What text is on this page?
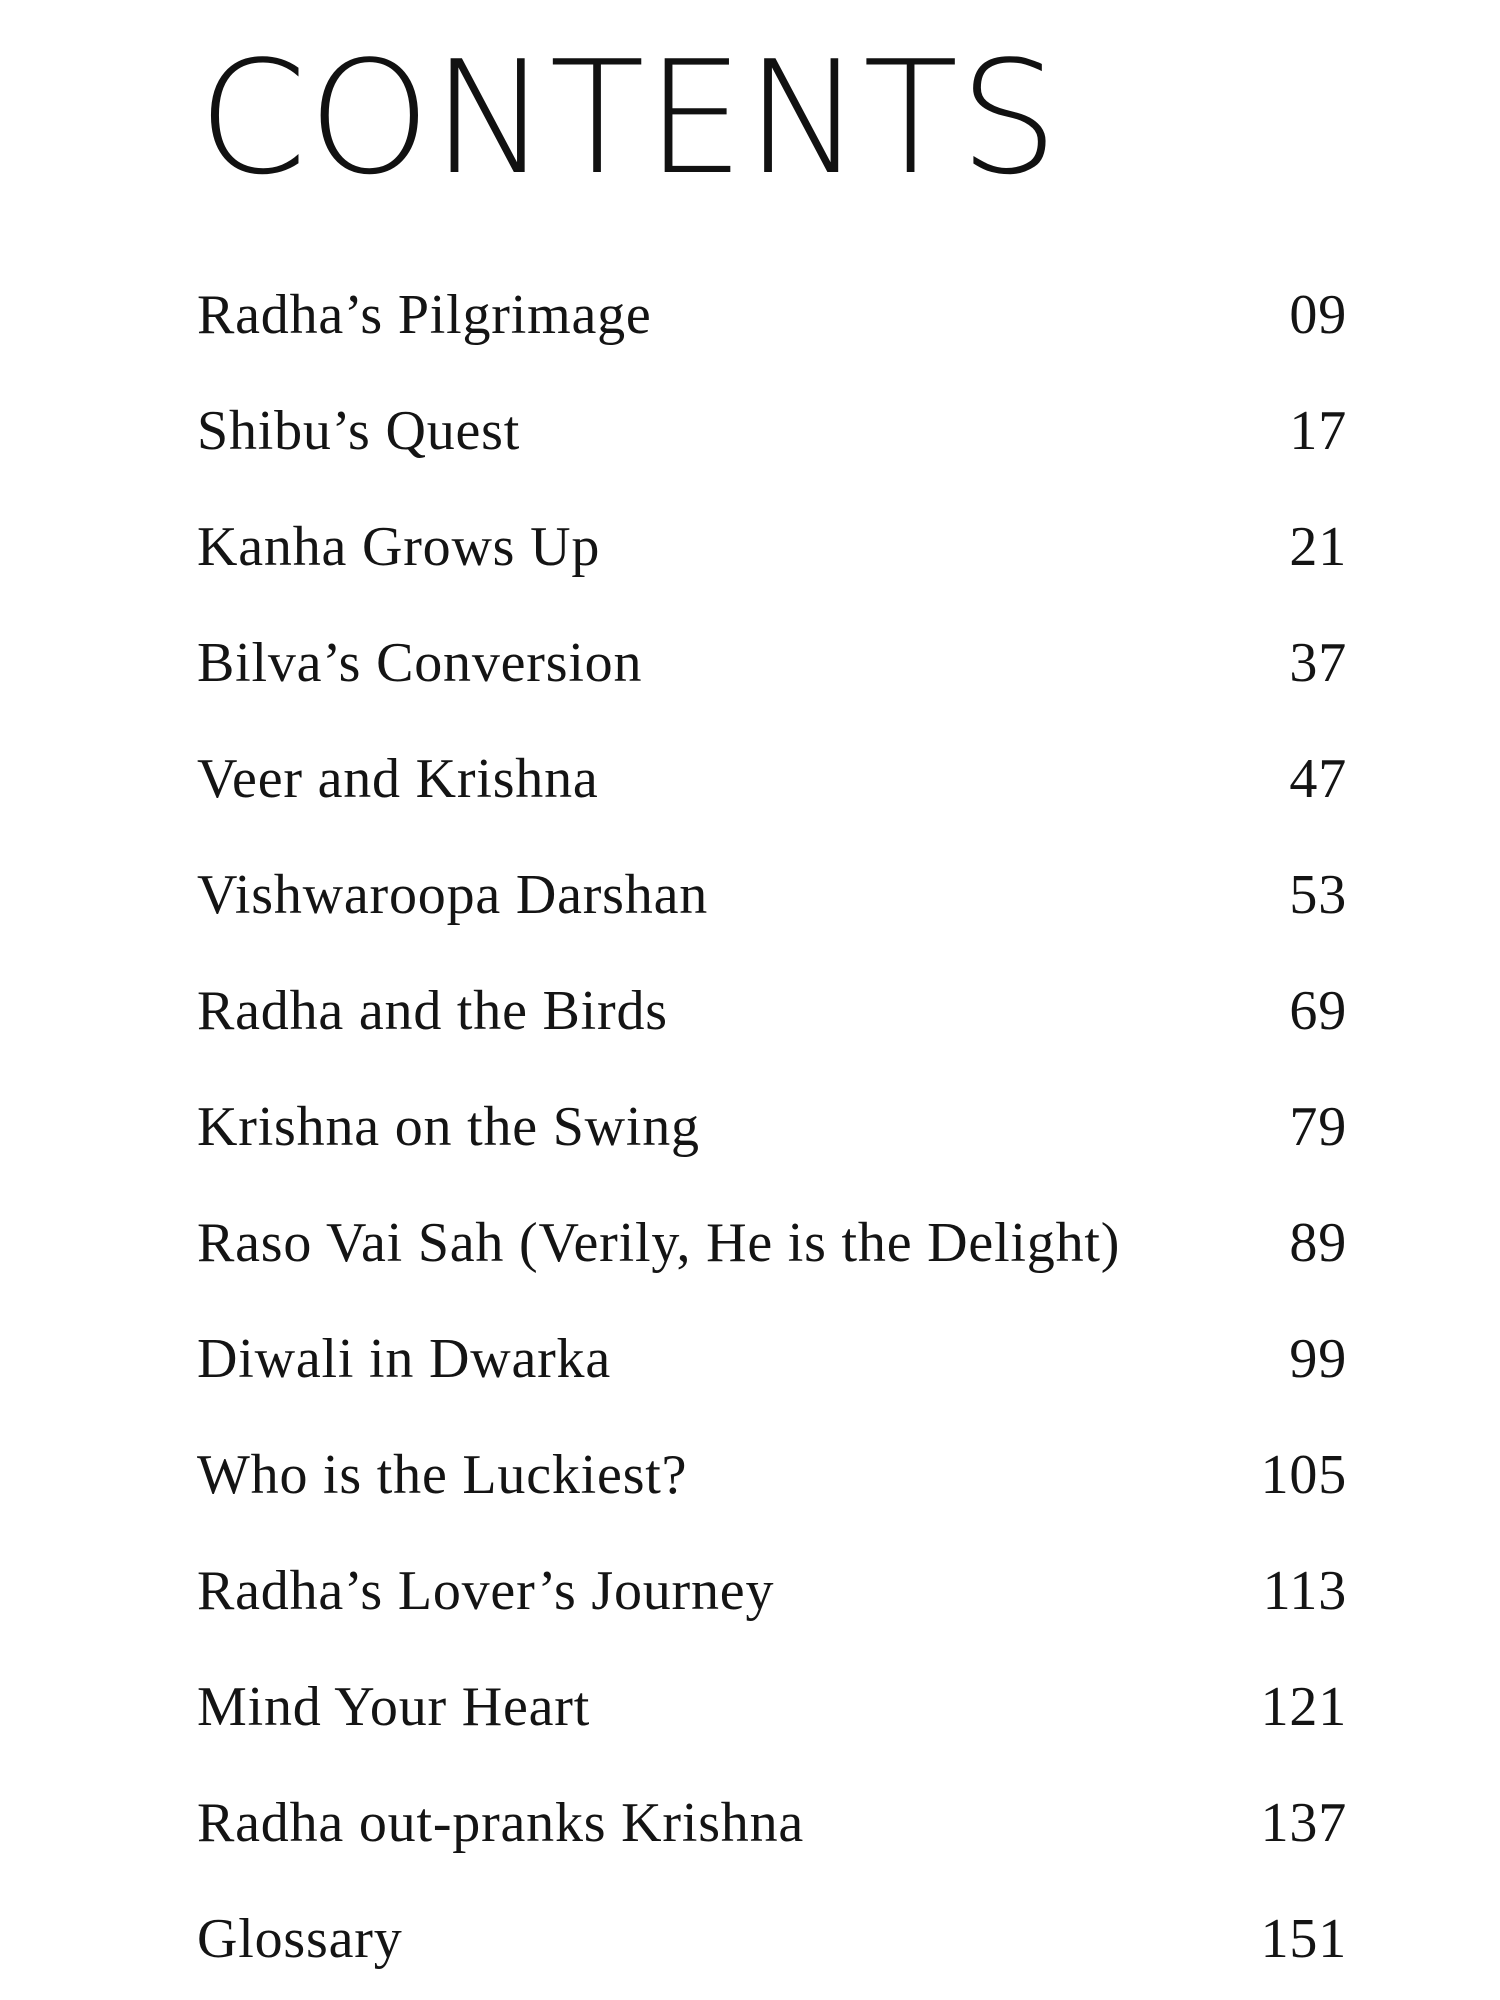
CONTENTS
Radha’s Pilgrimage	09
Shibu’s Quest	17
Kanha Grows Up	21
Bilva’s Conversion	37
Veer and Krishna	47
Vishwaroopa Darshan	53
Radha and the Birds	69
Krishna on the Swing	79
Raso Vai Sah (Verily, He is the Delight)	89
Diwali in Dwarka	99
Who is the Luckiest?	105
Radha’s Lover’s Journey	113
Mind Your Heart	121
Radha out-pranks Krishna	137
Glossary	151
